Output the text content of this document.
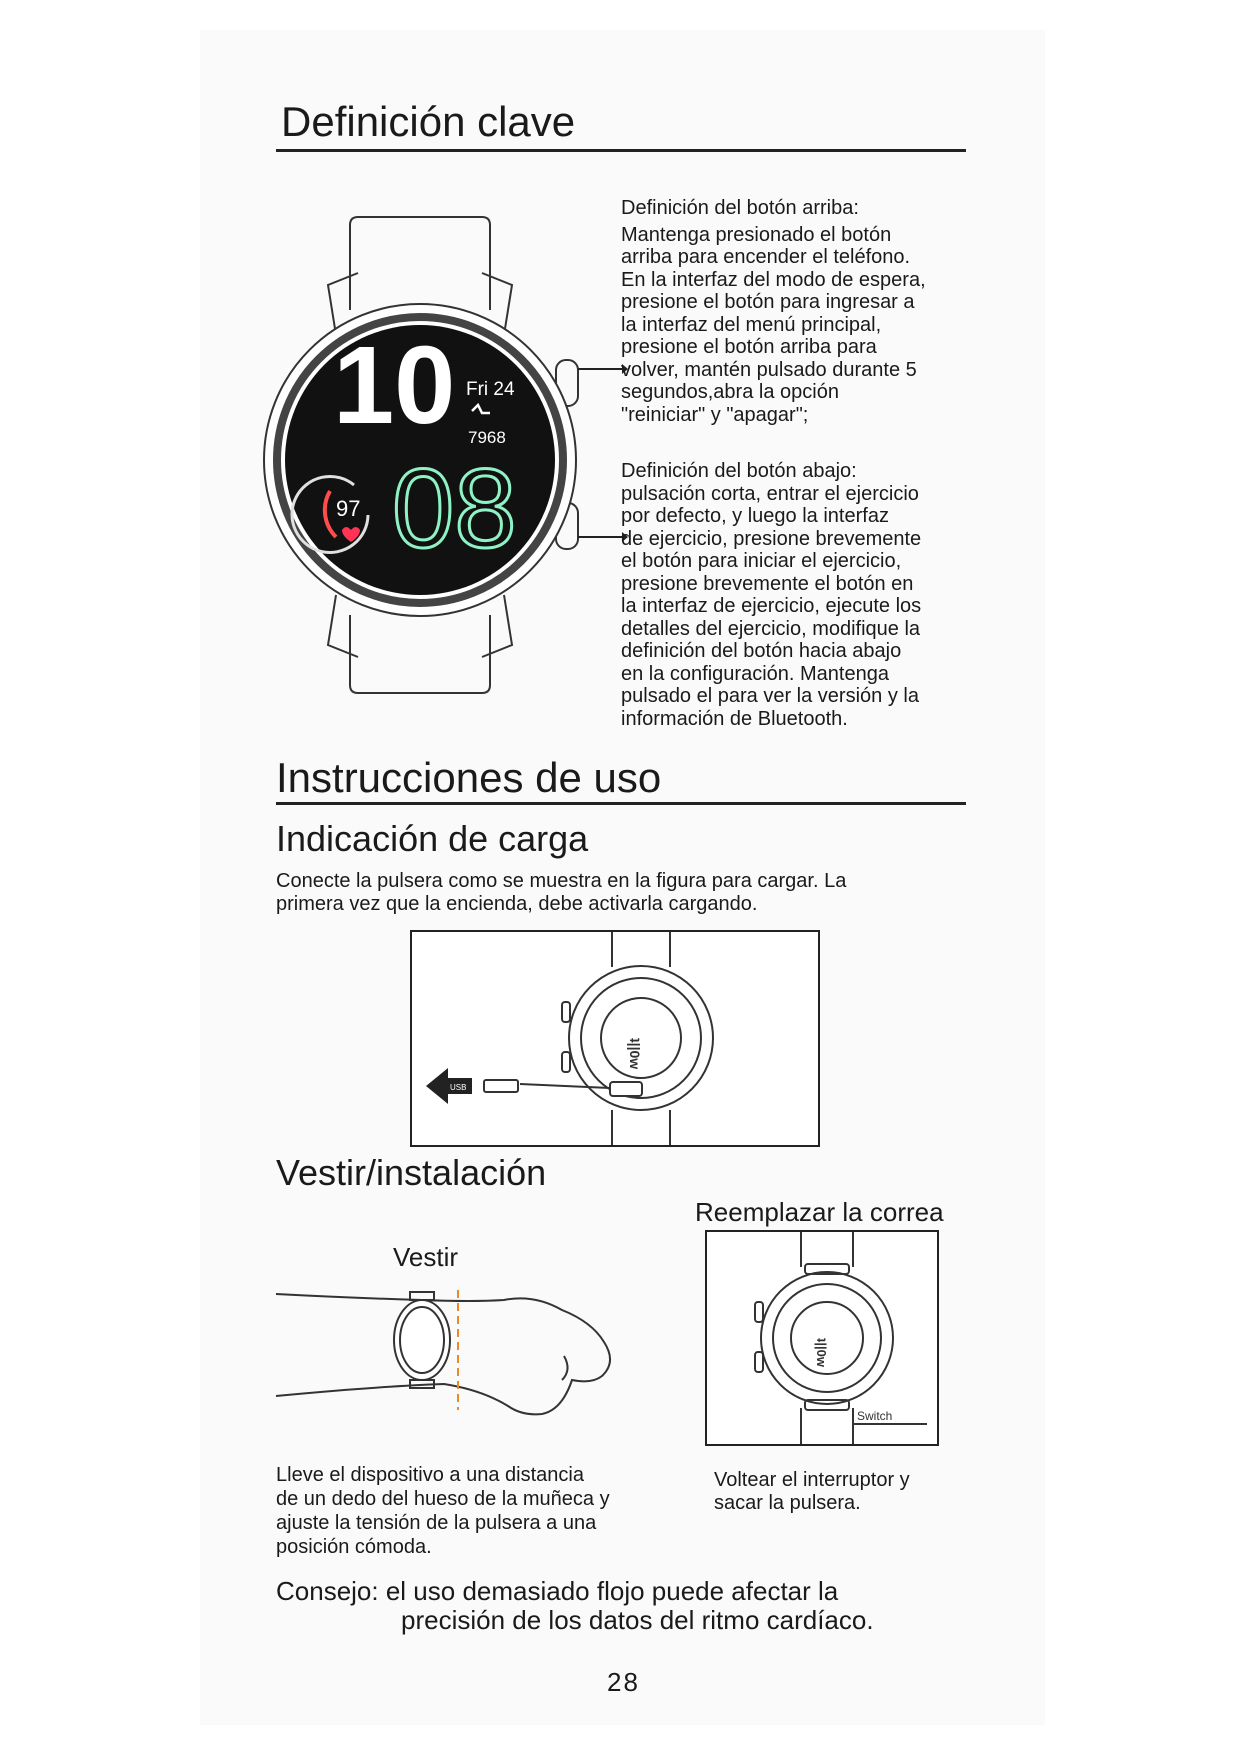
Definición clave
10 Fri 24
7968
08
97
Definición del botón arriba:
Mantenga presionado el botón
arriba para encender el teléfono.
En la interfaz del modo de espera,
presione el botón para ingresar a
la interfaz del menú principal,
presione el botón arriba para
volver, mantén pulsado durante 5
segundos,abra la opción
"reiniciar" y "apagar";
Definición del botón abajo:
pulsación corta, entrar el ejercicio
por defecto, y luego la interfaz
de ejercicio, presione brevemente
el botón para iniciar el ejercicio,
presione brevemente el botón en
la interfaz de ejercicio, ejecute los
detalles del ejercicio, modifique la
definición del botón hacia abajo
en la configuración. Mantenga
pulsado el para ver la versión y la
información de Bluetooth.
Instrucciones de uso
Indicación de carga
Conecte la pulsera como se muestra en la figura para cargar. La
primera vez que la encienda, debe activarla cargando.
USB
ʇ||0w
Vestir/instalación
Reemplazar la correa
Vestir
ʇ||0w
Switch
Lleve el dispositivo a una distancia
de un dedo del hueso de la muñeca y
ajuste la tensión de la pulsera a una
posición cómoda.
Voltear el interruptor y
sacar la pulsera.
Consejo: el uso demasiado flojo puede afectar la
precisión de los datos del ritmo cardíaco.
28
